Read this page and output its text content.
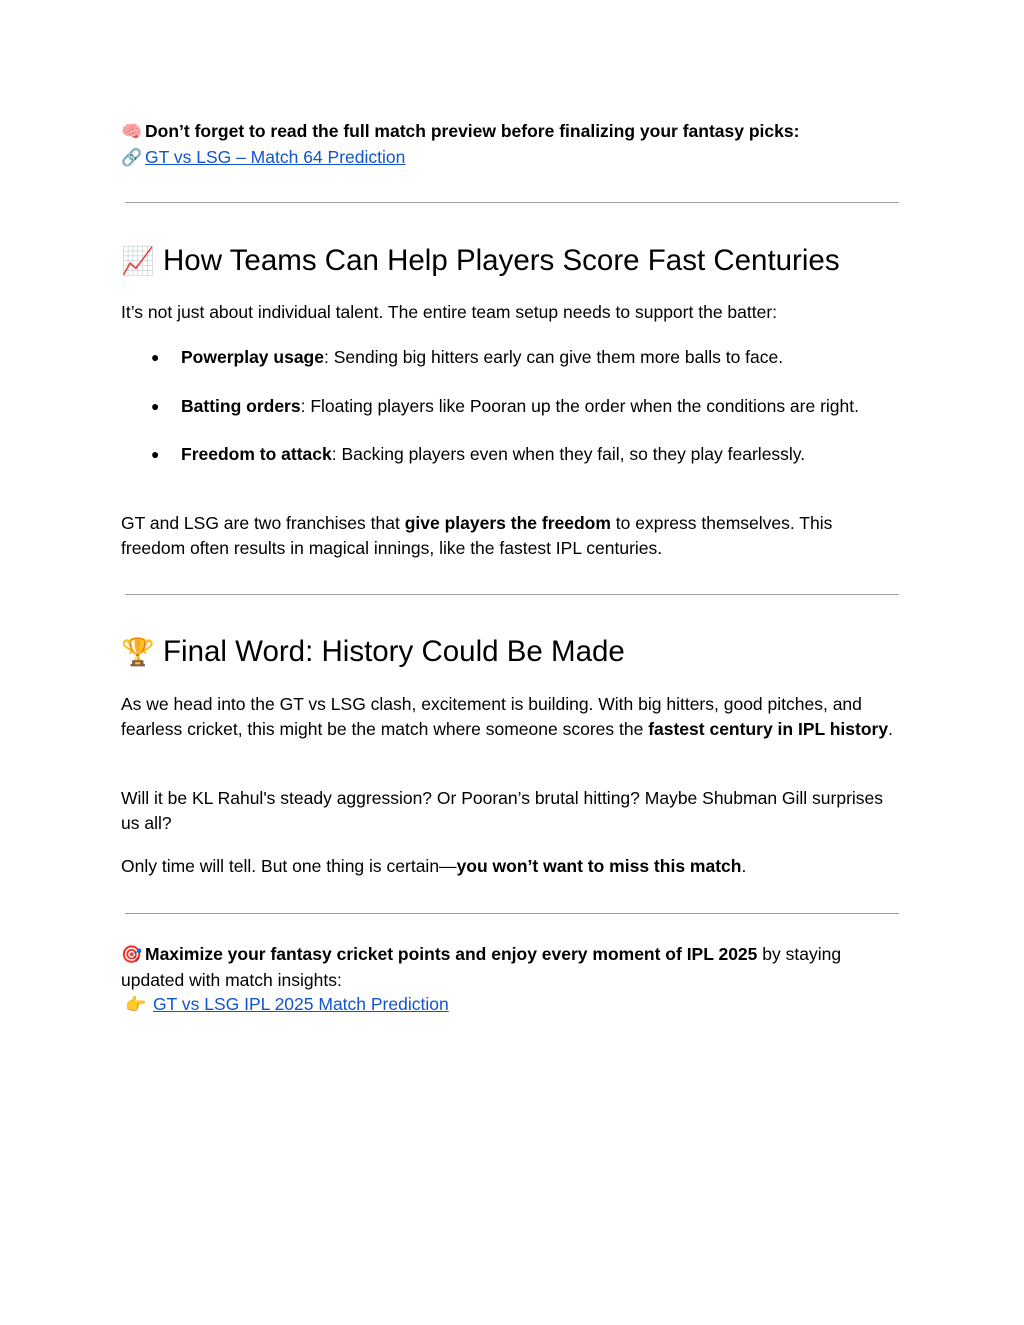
🧠 Don’t forget to read the full match preview before finalizing your fantasy picks:

🔗 GT vs LSG – Match 64 Prediction

📈 How Teams Can Help Players Score Fast Centuries

It’s not just about individual talent. The entire team setup needs to support the batter:

● Powerplay usage: Sending big hitters early can give them more balls to face.
● Batting orders: Floating players like Pooran up the order when the conditions are right.
● Freedom to attack: Backing players even when they fail, so they play fearlessly.

GT and LSG are two franchises that give players the freedom to express themselves. This freedom often results in magical innings, like the fastest IPL centuries.

🏆 Final Word: History Could Be Made

As we head into the GT vs LSG clash, excitement is building. With big hitters, good pitches, and fearless cricket, this might be the match where someone scores the fastest century in IPL history.

Will it be KL Rahul's steady aggression? Or Pooran’s brutal hitting? Maybe Shubman Gill surprises us all?

Only time will tell. But one thing is certain—you won’t want to miss this match.

🎯 Maximize your fantasy cricket points and enjoy every moment of IPL 2025 by staying updated with match insights:

👉 GT vs LSG IPL 2025 Match Prediction
